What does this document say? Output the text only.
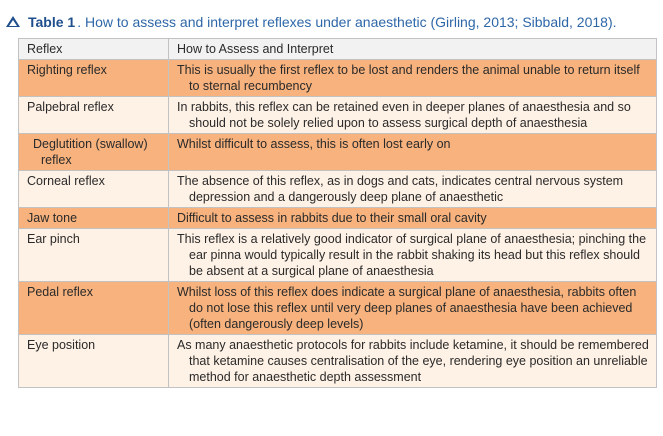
Table 1 . How to assess and interpret reflexes under anaesthetic (Girling, 2013; Sibbald, 2018).
Reflex	How to Assess and Interpret
Righting reflex	This is usually the first reflex to be lost and renders the animal unable to return itself to sternal recumbency

Palpebral reflex	In rabbits, this reflex can be retained even in deeper planes of anaesthesia and so should not be solely relied upon to assess surgical depth of anaesthesia

Deglutition (swallow) reflex	Whilst difficult to assess, this is often lost early on

Corneal reflex	The absence of this reflex, as in dogs and cats, indicates central nervous system depression and a dangerously deep plane of anaesthetic

Jaw tone	Difficult to assess in rabbits due to their small oral cavity

Ear pinch	This reflex is a relatively good indicator of surgical plane of anaesthesia; pinching the ear pinna would typically result in the rabbit shaking its head but this reflex should be absent at a surgical plane of anaesthesia

Pedal reflex	Whilst loss of this reflex does indicate a surgical plane of anaesthesia, rabbits often do not lose this reflex until very deep planes of anaesthesia have been achieved (often dangerously deep levels)

Eye position	As many anaesthetic protocols for rabbits include ketamine, it should be remembered that ketamine causes centralisation of the eye, rendering eye position an unreliable method for anaesthetic depth assessment
